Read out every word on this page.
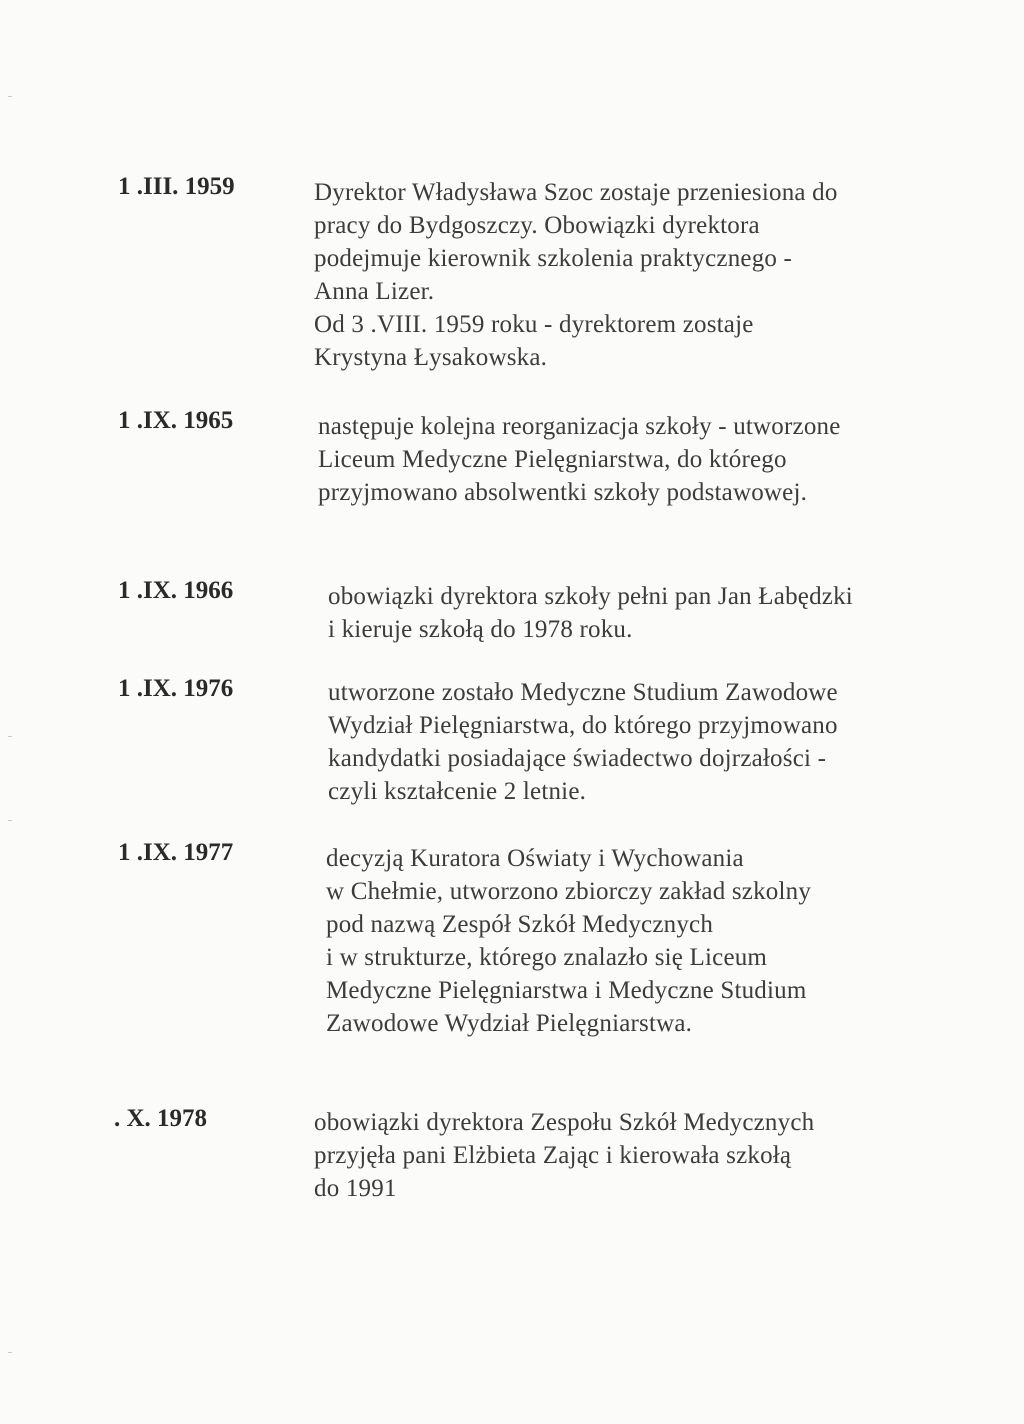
1 .III. 1959	Dyrektor Władysława Szoc zostaje przeniesiona do
pracy do Bydgoszczy. Obowiązki dyrektora
podejmuje kierownik szkolenia praktycznego -
Anna Lizer.
Od 3 .VIII. 1959 roku - dyrektorem zostaje
Krystyna Łysakowska.
1 .IX. 1965	następuje kolejna reorganizacja szkoły - utworzone
Liceum Medyczne Pielęgniarstwa, do którego
przyjmowano absolwentki szkoły podstawowej.
1 .IX. 1966	obowiązki dyrektora szkoły pełni pan Jan Łabędzki
i kieruje szkołą do 1978 roku.
1 .IX. 1976	utworzone zostało Medyczne Studium Zawodowe
Wydział Pielęgniarstwa, do którego przyjmowano
kandydatki posiadające świadectwo dojrzałości -
czyli kształcenie 2 letnie.
1 .IX. 1977	decyzją Kuratora Oświaty i Wychowania
w Chełmie, utworzono zbiorczy zakład szkolny
pod nazwą Zespół Szkół Medycznych
i w strukturze, którego znalazło się Liceum
Medyczne Pielęgniarstwa i Medyczne Studium
Zawodowe Wydział Pielęgniarstwa.
. X. 1978	obowiązki dyrektora Zespołu Szkół Medycznych
przyjęła pani Elżbieta Zając i kierowała szkołą
do 1991
